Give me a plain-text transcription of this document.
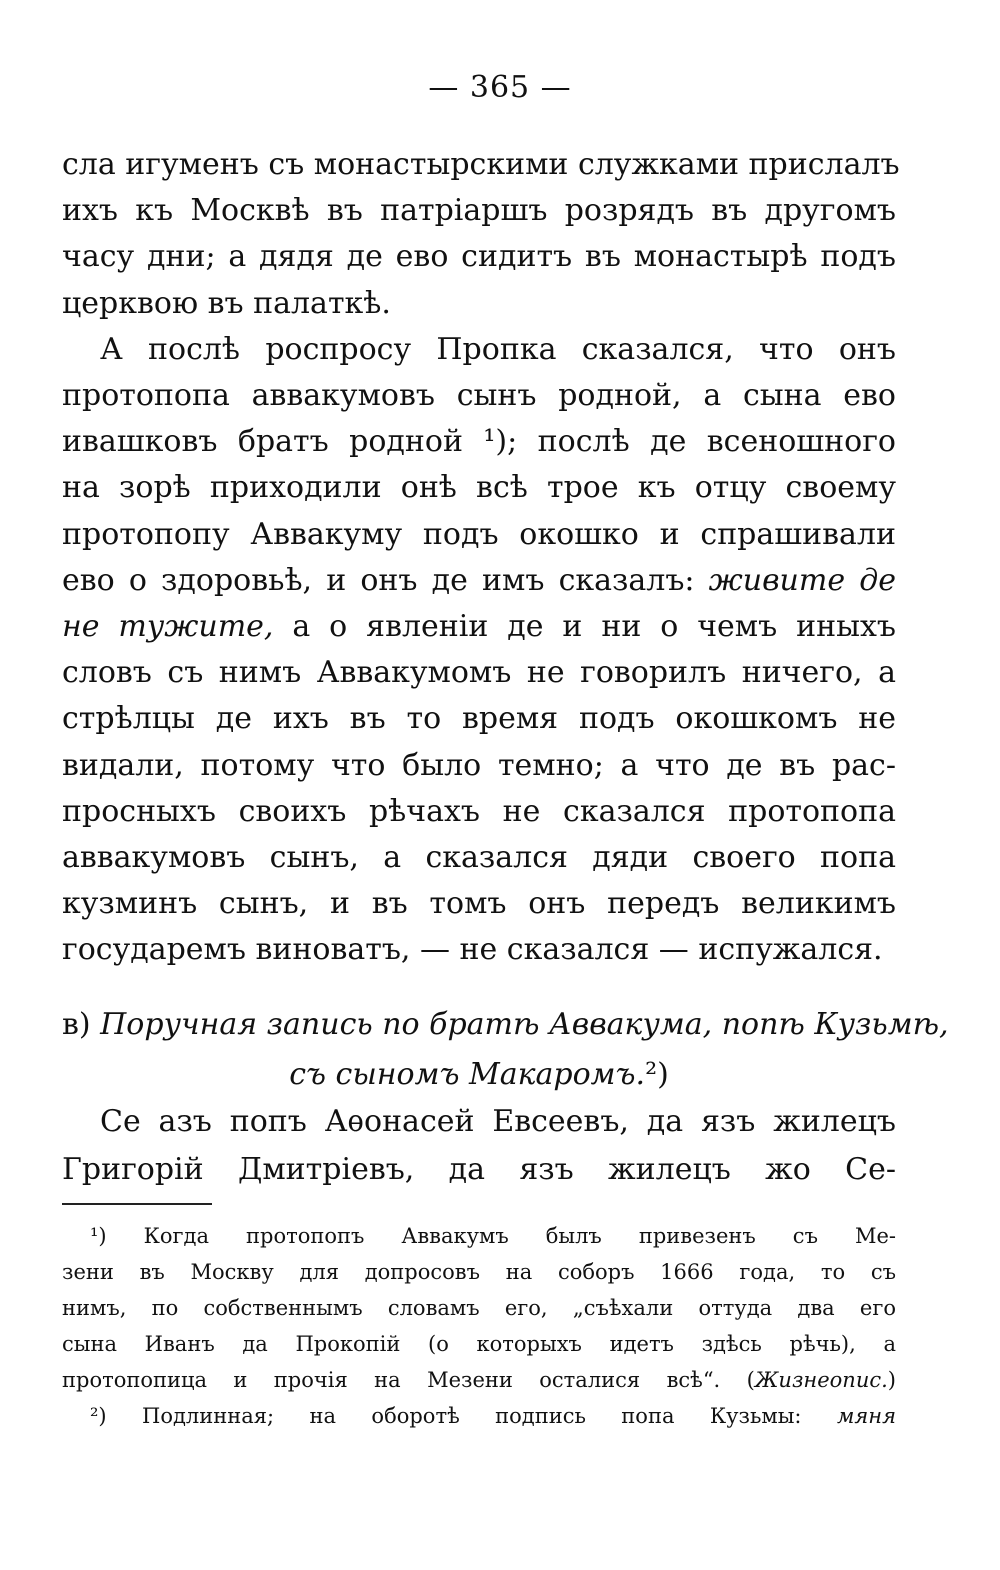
— 365 —

сла игуменъ съ монастырскими служками прислалъ
ихъ къ Москвѣ въ патріаршъ розрядъ въ другомъ
часу дни; а дядя де ево сидитъ въ монастырѣ подъ
церквою въ палаткѣ.

А послѣ роспросу Пропка сказался, что онъ
протопопа аввакумовъ сынъ родной, а сына ево
ивашковъ братъ родной ¹); послѣ де всеношного
на зорѣ приходили онѣ всѣ трое къ отцу своему
протопопу Аввакуму подъ окошко и спрашивали
ево о здоровьѣ, и онъ де имъ сказалъ: живите де
не тужите, а о явленіи де и ни о чемъ иныхъ
словъ съ нимъ Аввакумомъ не говорилъ ничего, а
стрѣлцы де ихъ въ то время подъ окошкомъ не
видали, потому что было темно; а что де въ рас-
просныхъ своихъ рѣчахъ не сказался протопопа
аввакумовъ сынъ, а сказался дяди своего попа
кузминъ сынъ, и въ томъ онъ передъ великимъ
государемъ виноватъ, — не сказался — испужался.

в) Поручная запись по братѣ Аввакума, попѣ Кузьмѣ,
съ сыномъ Макаромъ.²)
Се азъ попъ Аѳонасей Евсеевъ, да язъ жилецъ
Григорій Дмитріевъ, да язъ жилецъ жо Се-
¹) Когда протопопъ Аввакумъ былъ привезенъ съ Ме-
зени въ Москву для допросовъ на соборъ 1666 года, то съ
нимъ, по собственнымъ словамъ его, „съѣхали оттуда два его
сына Иванъ да Прокопій (о которыхъ идетъ здѣсь рѣчь), а
протопопица и прочія на Мезени осталися всѣ“. (Жизнеопис.)
²) Подлинная; на оборотѣ подпись попа Кузьмы: мяня
